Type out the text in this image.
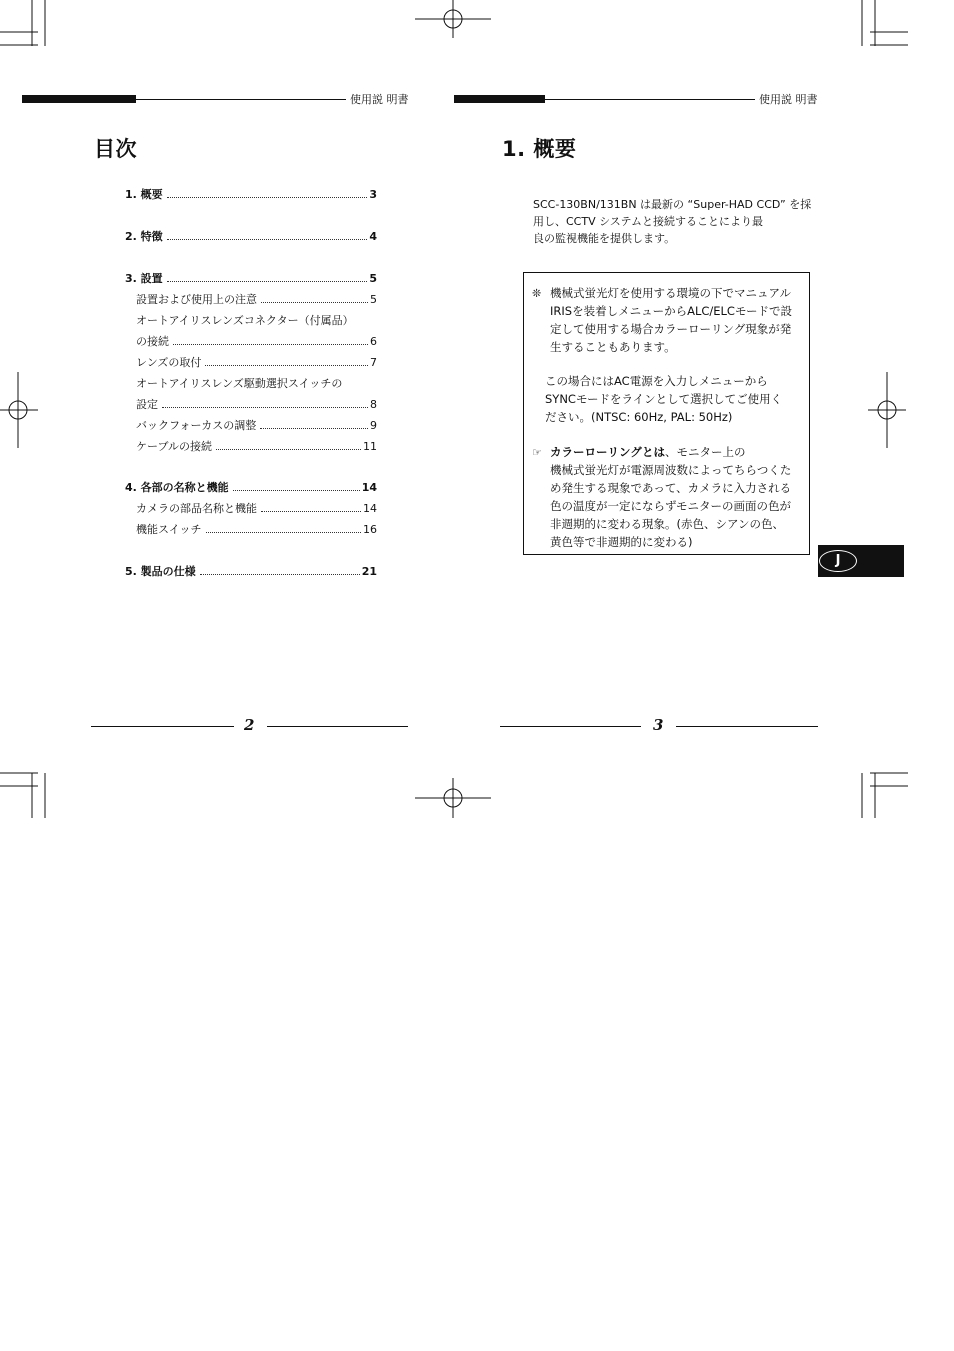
使用説 明書
目次
1. 概要	3
2. 特徴	4
3. 設置	5
設置および使用上の注意	5
オートアイリスレンズコネクター（付属品）
の接続	6
レンズの取付	7
オートアイリスレンズ駆動選択スイッチの
設定	8
バックフォーカスの調整	9
ケーブルの接続	11
4. 各部の名称と機能	14
カメラの部品名称と機能	14
機能スイッチ	16
5. 製品の仕様	21
2
使用説 明書
1. 概要
SCC-130BN/131BN は最新の “Super-HAD CCD” を採
用し、CCTV システムと接続することにより最
良の監視機能を提供します。
❊ 機械式蛍光灯を使用する環境の下でマニュアル
IRISを装着しメニューからALC/ELCモードで設
定して使用する場合カラーローリング現象が発
生することもあります。
この場合にはAC電源を入力しメニューから
SYNCモードをラインとして選択してご使用く
ださい。(NTSC: 60Hz, PAL: 50Hz)
☞ カラーローリングとは、モニター上の
機械式蛍光灯が電源周波数によってちらつくた
め発生する現象であって、カメラに入力される
色の温度が一定にならずモニターの画面の色が
非週期的に変わる現象。(赤色、シアンの色、
黄色等で非週期的に変わる)
J
3
